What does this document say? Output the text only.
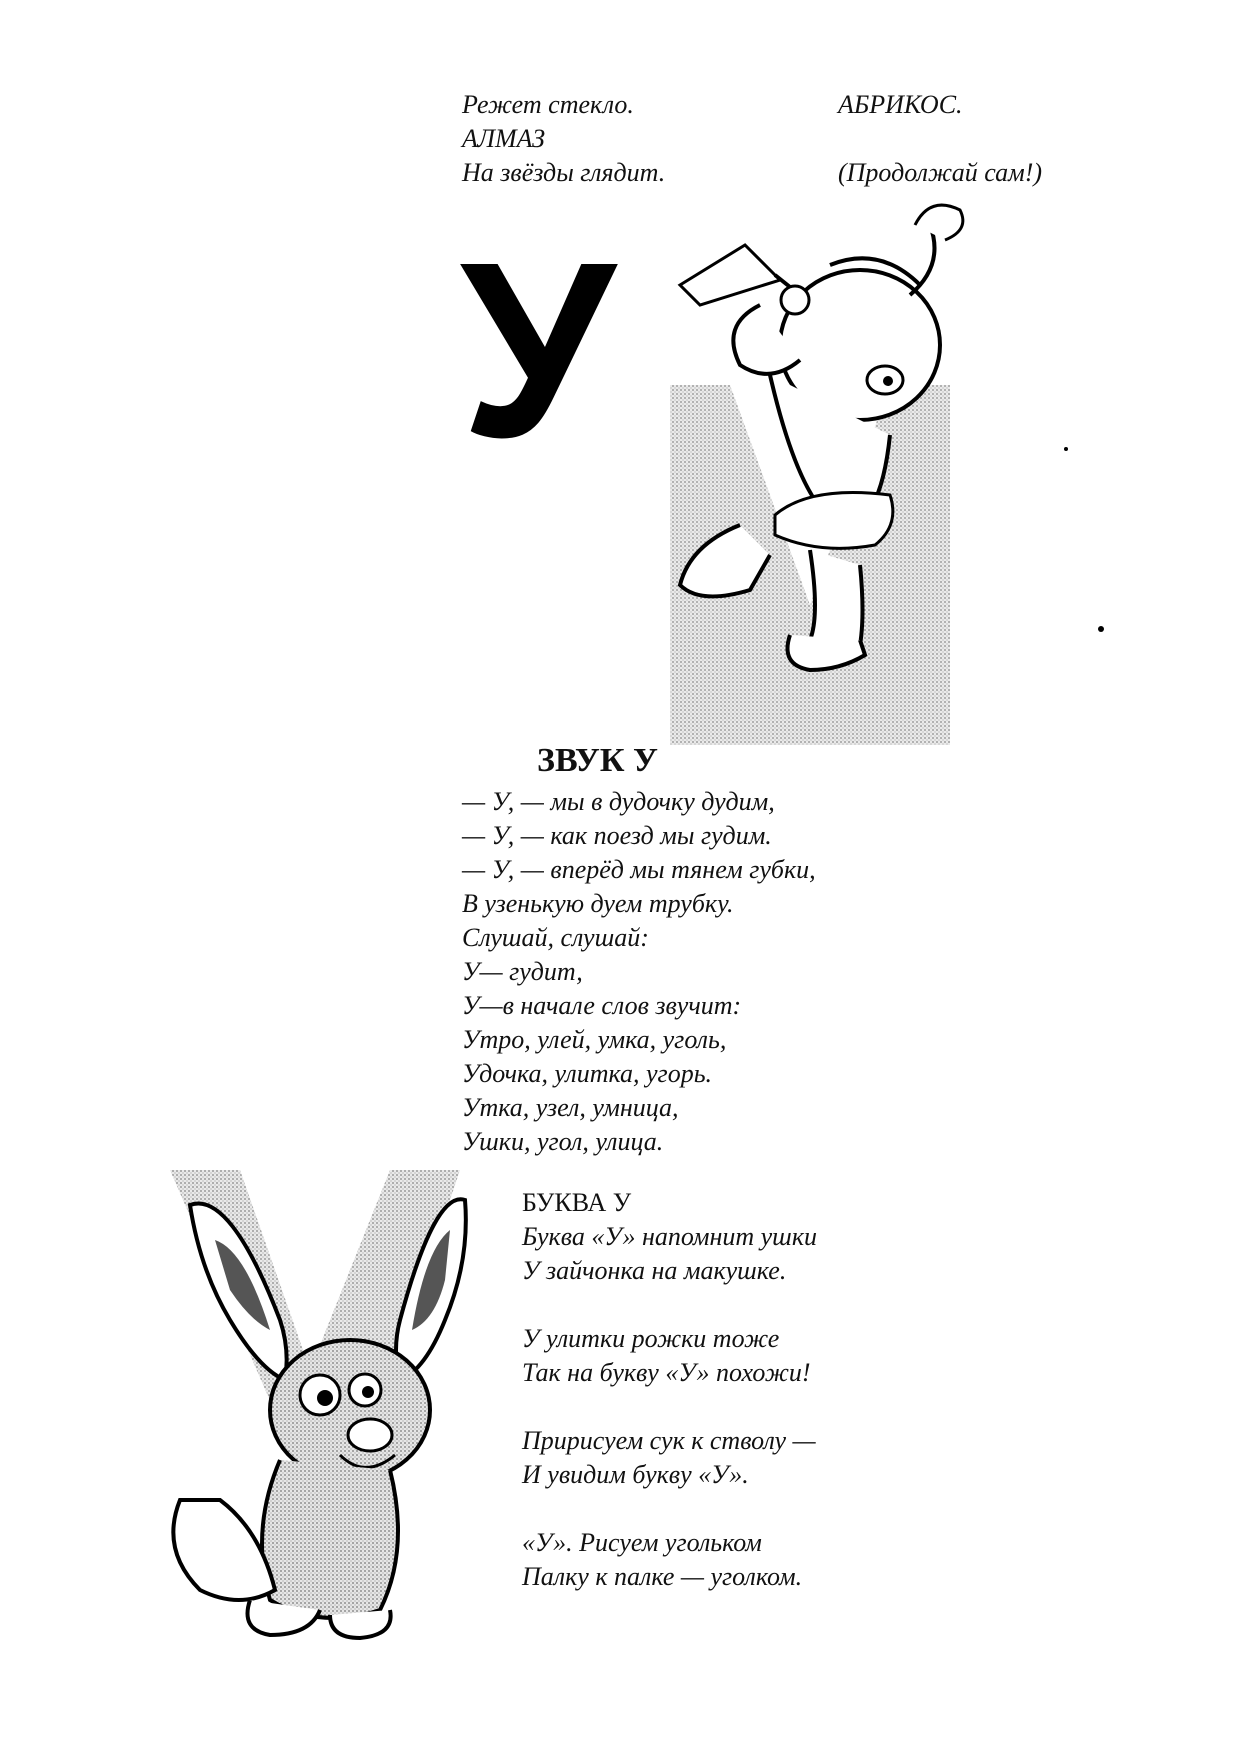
Режет стекло.
АЛМАЗ
На звёзды глядит.
АБРИКОС.
(Продолжай сам!)
У
ЗВУК У
— У, — мы в дудочку дудим,
— У, — как поезд мы гудим.
— У, — вперёд мы тянем губки,
В узенькую дуем трубку.
Слушай, слушай:
У— гудит,
У—в начале слов звучит:
Утро, улей, умка, уголь,
Удочка, улитка, угорь.
Утка, узел, умница,
Ушки, угол, улица.
БУКВА У
Буква «У» напомнит ушки
У зайчонка на макушке.
У улитки рожки тоже
Так на букву «У» похожи!
Пририсуем сук к стволу —
И увидим букву «У».
«У». Рисуем угольком
Палку к палке — уголком.
